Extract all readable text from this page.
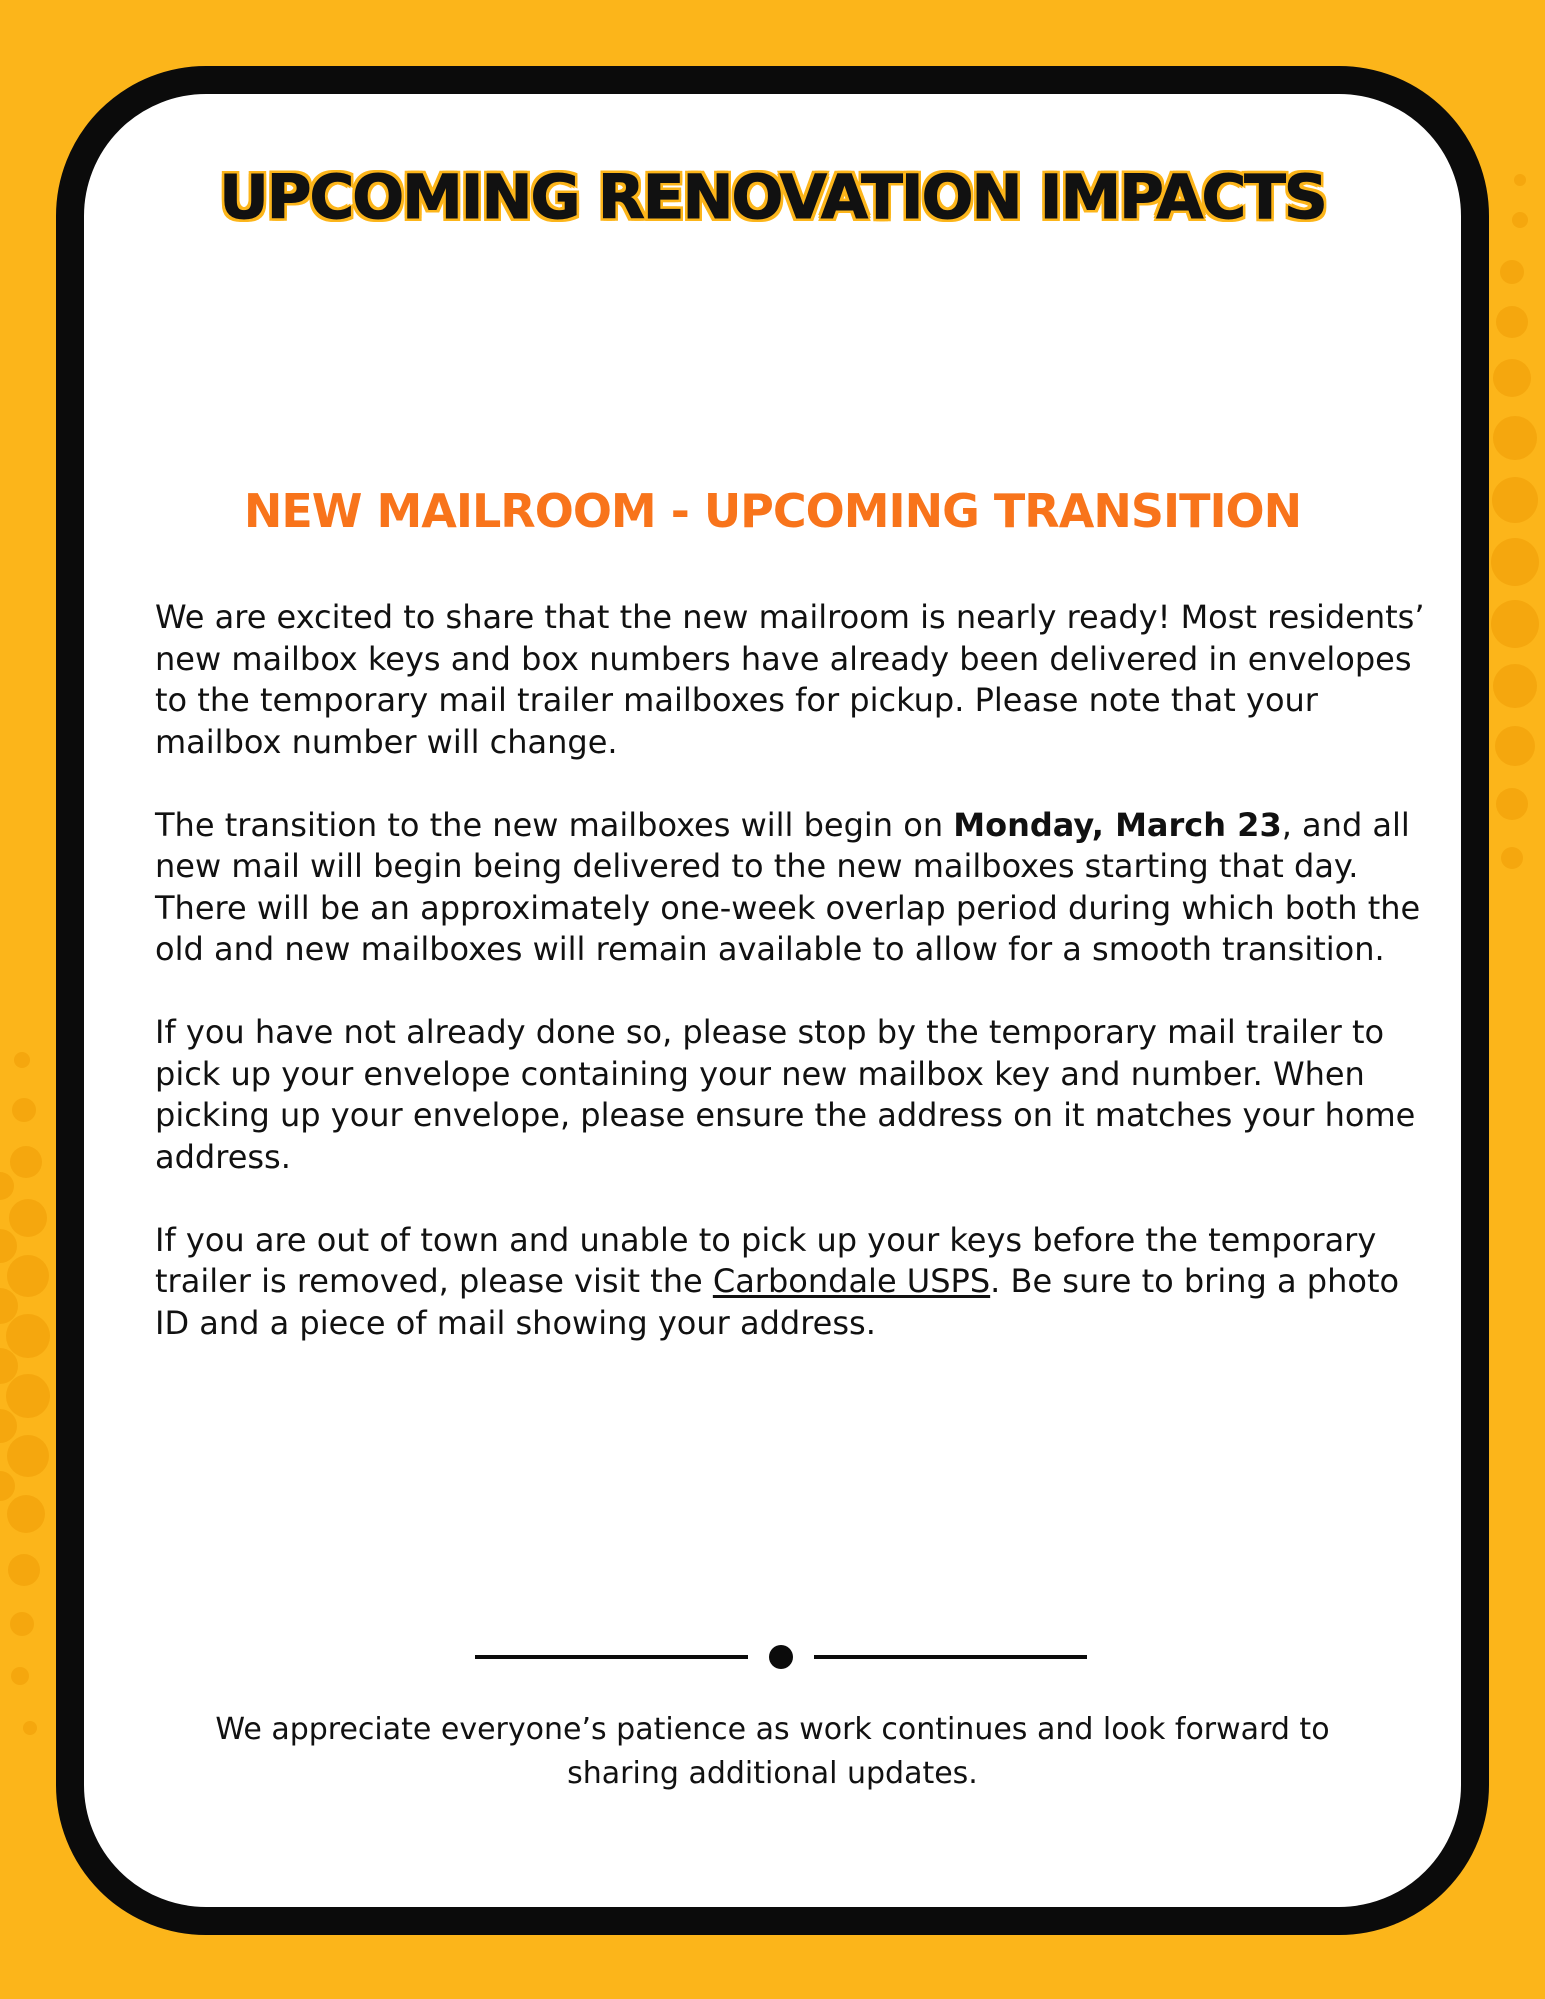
UPCOMING RENOVATION IMPACTS
NEW MAILROOM - UPCOMING TRANSITION

We are excited to share that the new mailroom is nearly ready! Most residents’ new mailbox keys and box numbers have already been delivered in envelopes to the temporary mail trailer mailboxes for pickup. Please note that your mailbox number will change.

The transition to the new mailboxes will begin on Monday, March 23, and all new mail will begin being delivered to the new mailboxes starting that day. There will be an approximately one-week overlap period during which both the old and new mailboxes will remain available to allow for a smooth transition.

If you have not already done so, please stop by the temporary mail trailer to pick up your envelope containing your new mailbox key and number. When picking up your envelope, please ensure the address on it matches your home address.

If you are out of town and unable to pick up your keys before the temporary trailer is removed, please visit the Carbondale USPS. Be sure to bring a photo ID and a piece of mail showing your address.

We appreciate everyone’s patience as work continues and look forward to
sharing additional updates.
